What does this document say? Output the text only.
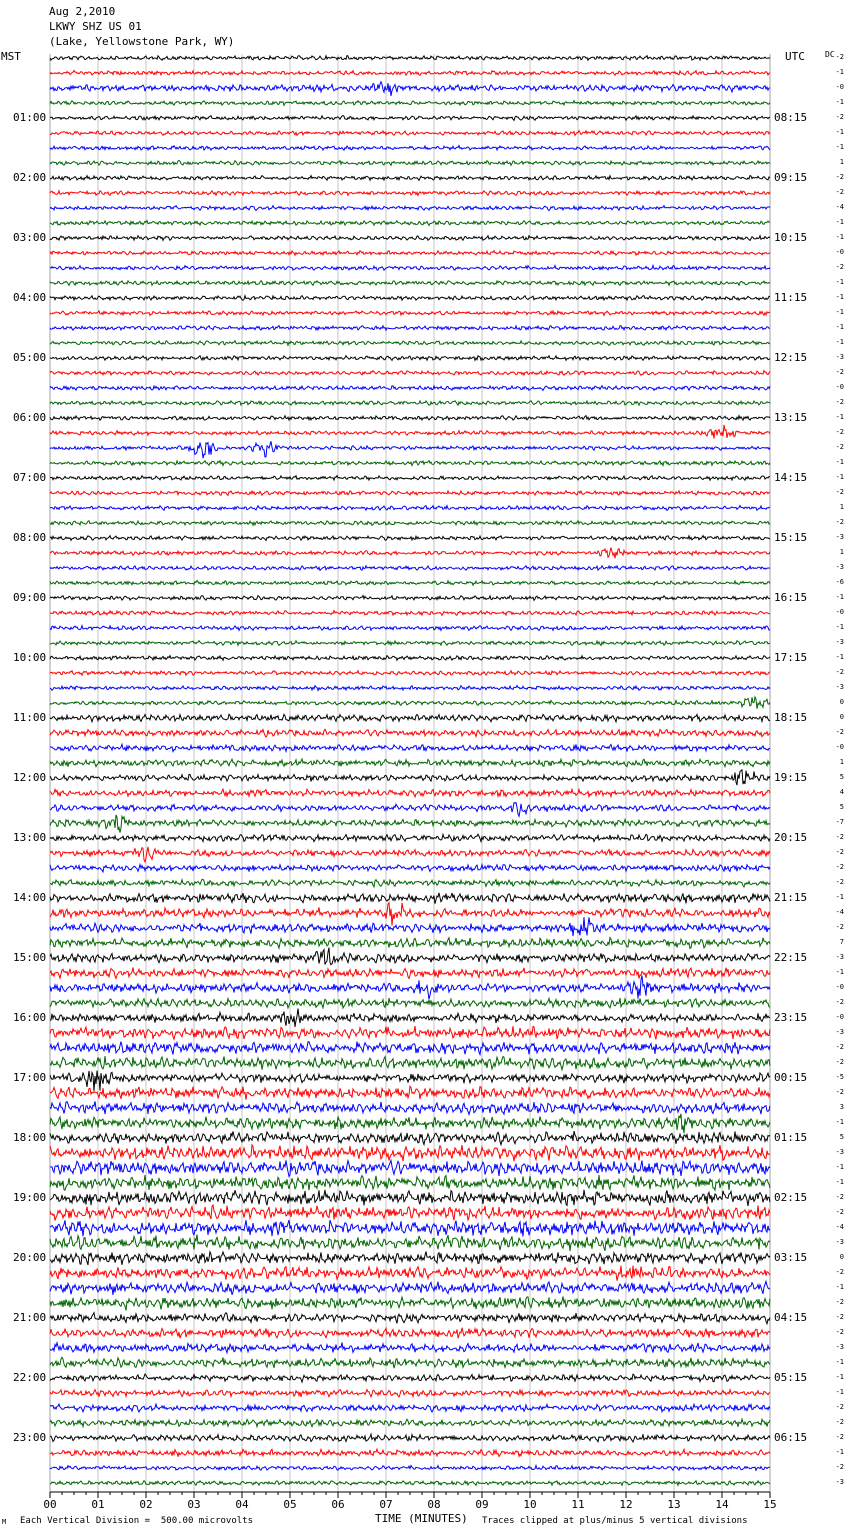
00	01	02	03	04	05	06	07	08	09	10	11	12	13	14	15
Aug 2,2010
LKWY SHZ US 01
(Lake, Yellowstone Park, WY)
MST	UTC	DC
01:00
02:00
03:00
04:00
05:00
06:00
07:00
08:00
09:00
10:00
11:00
12:00
13:00
14:00
15:00
16:00
17:00
18:00
19:00
20:00
21:00
22:00
23:00
08:15
09:15
10:15
11:15
12:15
13:15
14:15
15:15
16:15
17:15
18:15
19:15
20:15
21:15
22:15
23:15
00:15
01:15
02:15
03:15
04:15
05:15
06:15
-2
-1
-0
-1
-2
-1
-1
1
-2
-2
-4
-1
-1
-0
-2
-1
-1
-1
-1
-1
-3
-2
-0
-2
-1
-2
-2
-1
-1
-2
1
-2
-3
1
-3
-6
-1
-0
-1
-3
-1
-2
-3
0
0
-2
-0
1
5
4
5
-7
-2
-2
-2
-2
-1
-4
-2
7
-3
-1
-0
-2
-0
-3
-2
-2
-5
-2
3
-1
5
-3
-1
-1
-2
-2
-4
-3
0
-2
-1
-2
-2
-2
-3
-1
-1
-1
-2
-2
-2
-1
-2
-3
TIME (MINUTES)
Each Vertical Division =  500.00 microvolts	Traces clipped at plus/minus 5 vertical divisions
M
